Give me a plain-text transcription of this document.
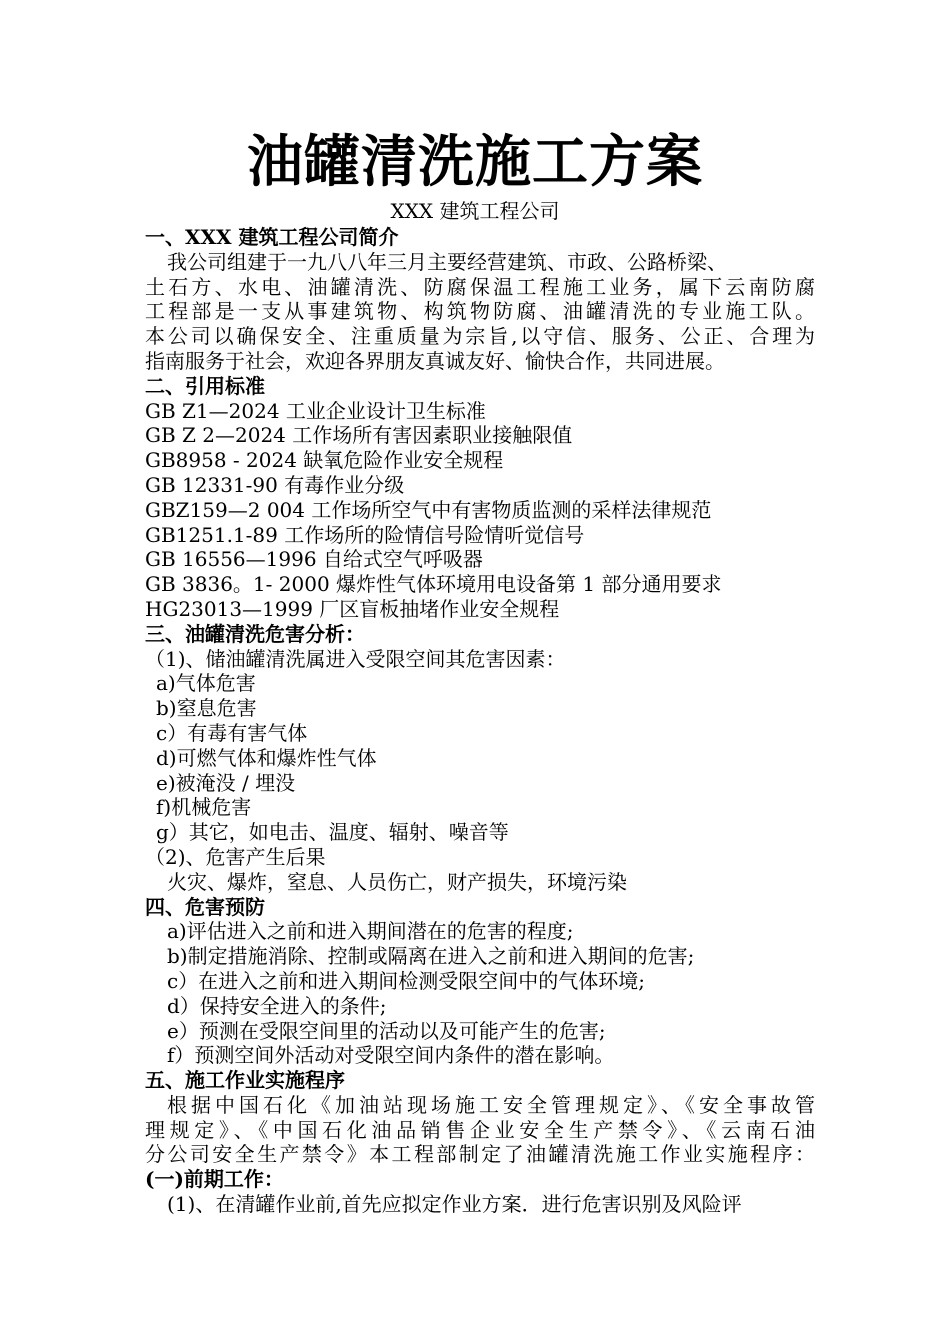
油罐清洗施工方案
XXX 建筑工程公司
一、XXX 建筑工程公司简介
我公司组建于一九八八年三月主要经营建筑、市政、公路桥梁、
土石方、水电、油罐清洗、防腐保温工程施工业务，属下云南防腐
工程部是一支从事建筑物、构筑物防腐、油罐清洗的专业施工队。
本公司以确保安全、注重质量为宗旨,以守信、服务、公正、合理为
指南服务于社会，欢迎各界朋友真诚友好、愉快合作，共同进展。
二、引用标准
GB Z1—2024 工业企业设计卫生标准
GB Z 2—2024 工作场所有害因素职业接触限值
GB8958 - 2024 缺氧危险作业安全规程
GB 12331-90 有毒作业分级
GBZ159—2 004 工作场所空气中有害物质监测的采样法律规范
GB1251.1-89 工作场所的险情信号险情听觉信号
GB 16556—1996 自给式空气呼吸器
GB 3836。1- 2000 爆炸性气体环境用电设备第 1 部分通用要求
HG23013—1999 厂区盲板抽堵作业安全规程
三、油罐清洗危害分析：
（1)、储油罐清洗属进入受限空间其危害因素：
a)气体危害
b)窒息危害
c）有毒有害气体
d)可燃气体和爆炸性气体
e)被淹没 / 埋没
f)机械危害
g）其它，如电击、温度、辐射、噪音等
（2)、危害产生后果
火灾、爆炸，窒息、人员伤亡，财产损失，环境污染
四、危害预防
a)评估进入之前和进入期间潜在的危害的程度;
b)制定措施消除、控制或隔离在进入之前和进入期间的危害;
c）在进入之前和进入期间检测受限空间中的气体环境;
d）保持安全进入的条件;
e）预测在受限空间里的活动以及可能产生的危害;
f）预测空间外活动对受限空间内条件的潜在影响。
五、施工作业实施程序
根据中国石化《加油站现场施工安全管理规定》、《安全事故管
理规定》、《中国石化油品销售企业安全生产禁令》、《云南石油
分公司安全生产禁令》本工程部制定了油罐清洗施工作业实施程序：
(一)前期工作：
(1)、在清罐作业前,首先应拟定作业方案．进行危害识别及风险评
